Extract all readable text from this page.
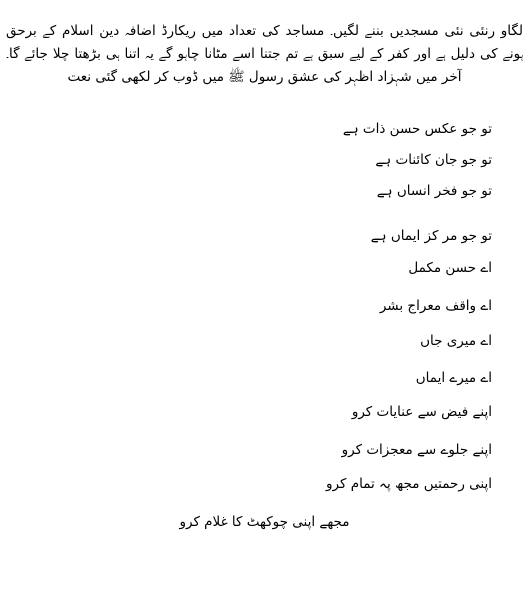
لگاو رنئی نئی مسجدیں بننے لگیں۔ مساجد کی تعداد میں ریکارڈ اضافہ دین اسلام کے برحق ہونے کی دلیل ہے اور کفر کے لیے سبق ہے تم جتنا اسے مٹانا چاہو گے یہ اتنا ہی بڑھتا چلا جائے گا۔ آخر میں شہزاد اظہر کی عشق رسول ﷺ میں ڈوب کر لکھی گئی نعت

تو جو عکس حسن ذات ہے
تو جو جان کائنات ہے
تو جو فخر انساں ہے
تو جو مر کز ایماں ہے
اے حسن مکمل
اے واقف معراج بشر
اے میری جاں
اے میرے ایماں
اپنے فیض سے عنایات کرو
اپنے جلوے سے معجزات کرو
اپنی رحمتیں مجھ پہ تمام کرو
مجھے اپنی چوکھٹ کا غلام کرو
